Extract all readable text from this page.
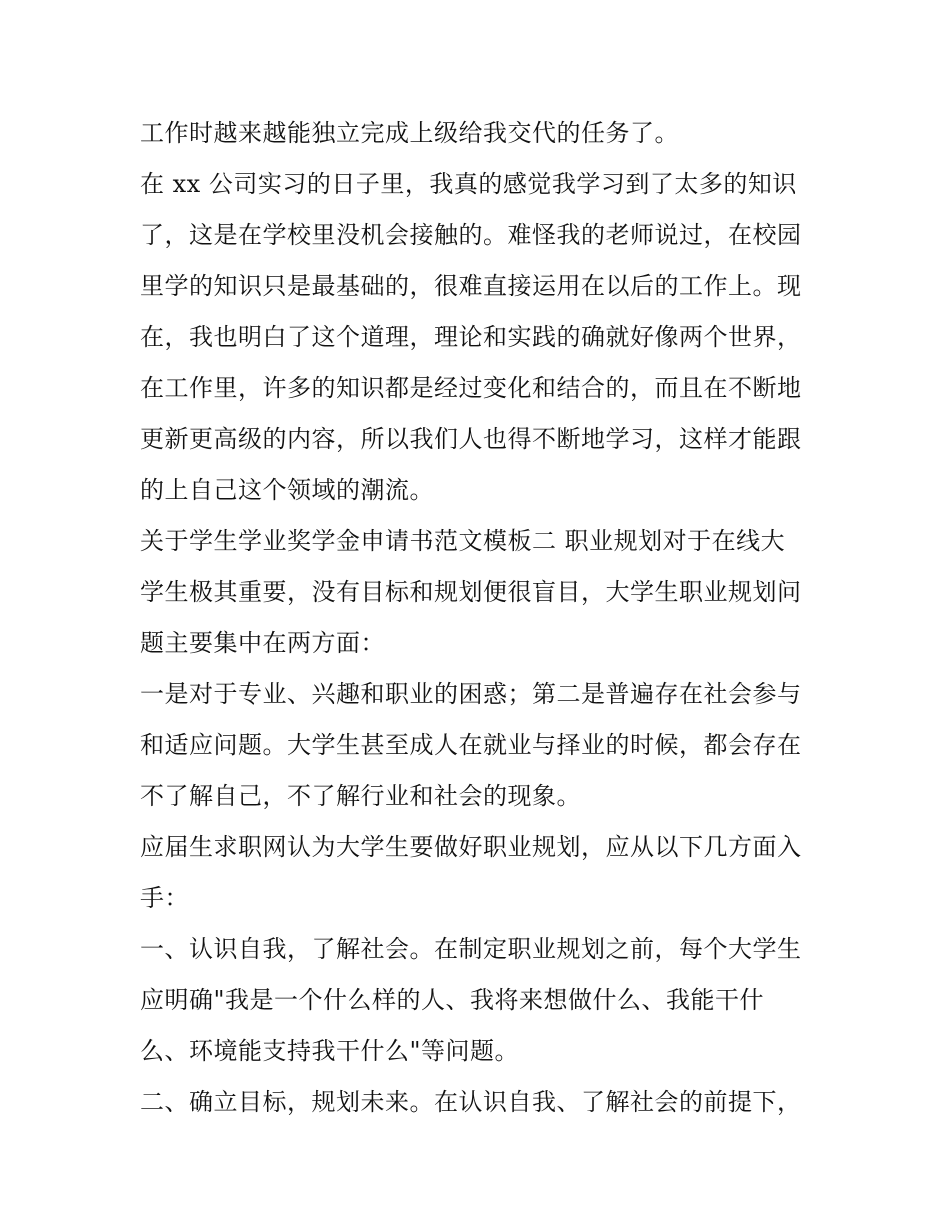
工作时越来越能独立完成上级给我交代的任务了。
在 xx 公司实习的日子里，我真的感觉我学习到了太多的知识
了，这是在学校里没机会接触的。难怪我的老师说过，在校园
里学的知识只是最基础的，很难直接运用在以后的工作上。现
在，我也明白了这个道理，理论和实践的确就好像两个世界，
在工作里，许多的知识都是经过变化和结合的，而且在不断地
更新更高级的内容，所以我们人也得不断地学习，这样才能跟
的上自己这个领域的潮流。
关于学生学业奖学金申请书范文模板二 职业规划对于在线大
学生极其重要，没有目标和规划便很盲目，大学生职业规划问
题主要集中在两方面：
一是对于专业、兴趣和职业的困惑；第二是普遍存在社会参与
和适应问题。大学生甚至成人在就业与择业的时候，都会存在
不了解自己，不了解行业和社会的现象。
应届生求职网认为大学生要做好职业规划，应从以下几方面入
手：
一、认识自我，了解社会。在制定职业规划之前，每个大学生
应明确"我是一个什么样的人、我将来想做什么、我能干什
么、环境能支持我干什么"等问题。
二、确立目标，规划未来。在认识自我、了解社会的前提下，
